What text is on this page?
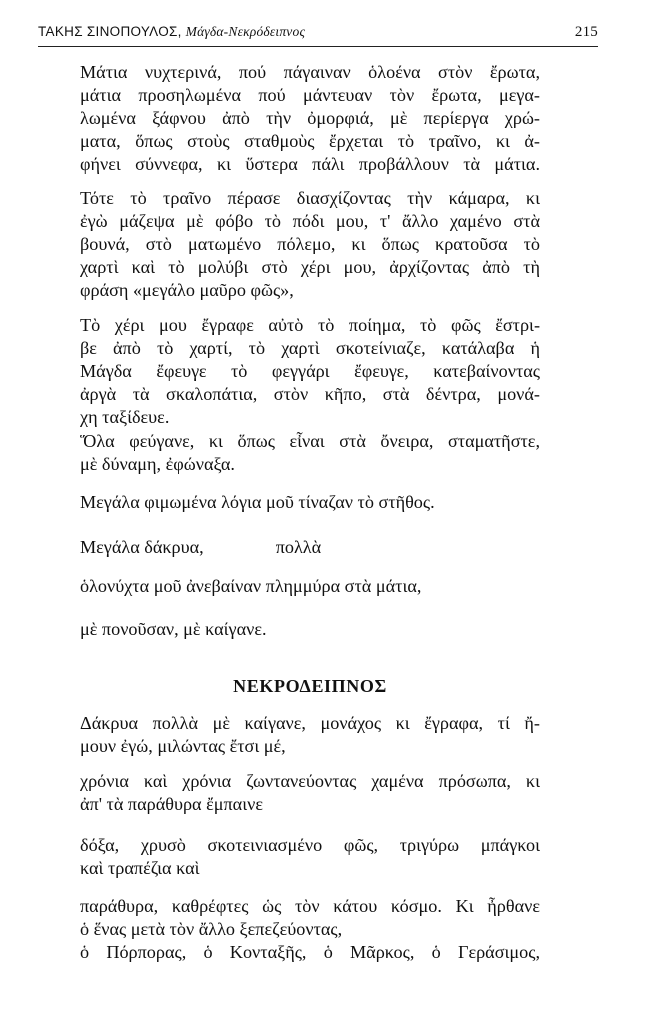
ΤΑΚΗΣ ΣΙΝΟΠΟΥΛΟΣ, Μάγδα-Νεκρόδειπνος	215
Μάτια νυχτερινά, πού πάγαιναν ὁλοένα στὸν ἔρωτα,
μάτια προσηλωμένα πού μάντευαν τὸν ἔρωτα, μεγα-
λωμένα ξάφνου ἀπὸ τὴν ὀμορφιά, μὲ περίεργα χρώ-
ματα, ὅπως στοὺς σταθμοὺς ἔρχεται τὸ τραῖνο, κι ἀ-
φήνει σύννεφα, κι ὕστερα πάλι προβάλλουν τὰ μάτια.
Τότε τὸ τραῖνο πέρασε διασχίζοντας τὴν κάμαρα, κι
ἐγὼ μάζεψα μὲ φόβο τὸ πόδι μου, τ' ἄλλο χαμένο στὰ
βουνά, στὸ ματωμένο πόλεμο, κι ὅπως κρατοῦσα τὸ
χαρτὶ καὶ τὸ μολύβι στὸ χέρι μου, ἀρχίζοντας ἀπὸ τὴ
φράση «μεγάλο μαῦρο φῶς»,
Τὸ χέρι μου ἔγραφε αὐτὸ τὸ ποίημα, τὸ φῶς ἔστρι-
βε ἀπὸ τὸ χαρτί, τὸ χαρτὶ σκοτείνιαζε, κατάλαβα ἡ
Μάγδα ἔφευγε τὸ φεγγάρι ἔφευγε, κατεβαίνοντας
ἀργὰ τὰ σκαλοπάτια, στὸν κῆπο, στὰ δέντρα, μονά-
χη ταξίδευε.
Ὅλα φεύγανε, κι ὅπως εἶναι στὰ ὄνειρα, σταματῆστε,
μὲ δύναμη, ἐφώναξα.
Μεγάλα φιμωμένα λόγια μοῦ τίναζαν τὸ στῆθος.
Μεγάλα δάκρυα,	πολλὰ
ὁλονύχτα μοῦ ἀνεβαίναν πλημμύρα στὰ μάτια,
μὲ πονοῦσαν, μὲ καίγανε.
ΝΕΚΡΟΔΕΙΠΝΟΣ
Δάκρυα πολλὰ μὲ καίγανε, μονάχος κι ἔγραφα, τί ἤ-
μουν ἐγώ, μιλώντας ἔτσι μέ,
χρόνια καὶ χρόνια ζωντανεύοντας χαμένα πρόσωπα, κι
ἀπ' τὰ παράθυρα ἔμπαινε
δόξα, χρυσὸ σκοτεινιασμένο φῶς, τριγύρω μπάγκοι
καὶ τραπέζια καὶ
παράθυρα, καθρέφτες ὡς τὸν κάτου κόσμο. Κι ἦρθανε
ὁ ἕνας μετὰ τὸν ἄλλο ξεπεζεύοντας,
ὁ Πόρπορας, ὁ Κονταξῆς, ὁ Μᾶρκος, ὁ Γεράσιμος,
